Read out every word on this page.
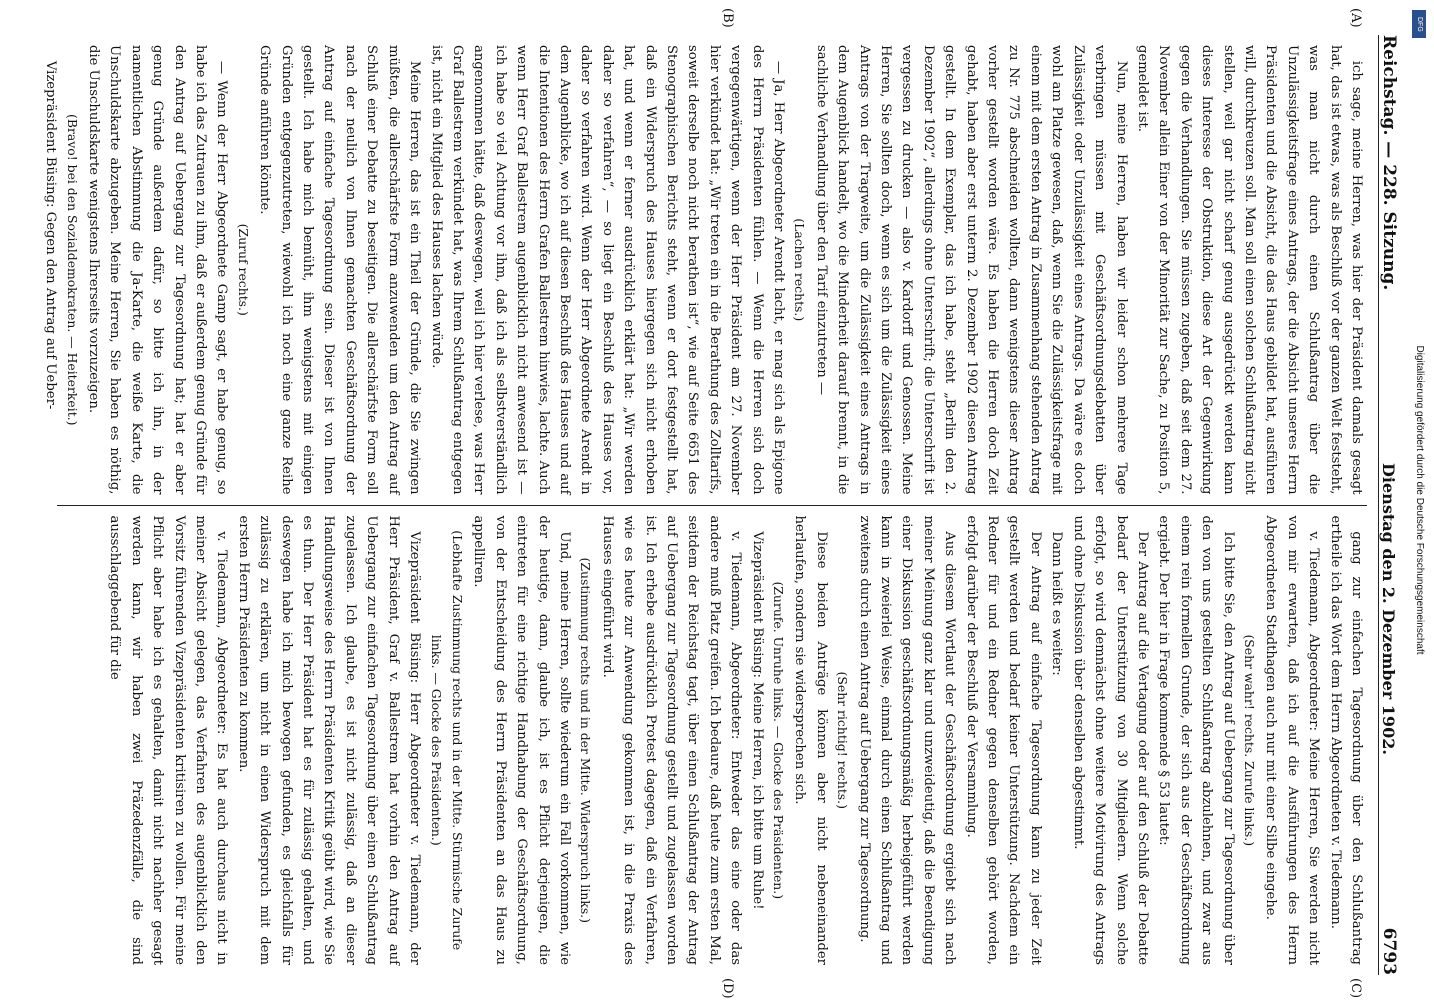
Reichstag. — 228. Sitzung.
Dienstag den 2. Dezember 1902.
6793
(A)
(B)
(C)
(D)

ich sage, meine Herren, was hier der Präsident damals gesagt hat, das ist etwas, was als Beschluß vor der ganzen Welt feststeht, was man nicht durch einen Schlußantrag über die Unzulässigkeitsfrage eines Antrags, der die Absicht unseres Herrn Präsidenten und die Absicht, die das Haus gebildet hat, ausführen will, durchkreuzen soll. Man soll einen solchen Schlußantrag nicht stellen, weil gar nicht scharf genug ausgedrückt werden kann dieses Interesse der Obstruktion, diese Art der Gegenwirkung gegen die Verhandlungen. Sie müssen zugeben, daß seit dem 27. November allein Einer von der Minorität zur Sache, zu Position 5, gemeldet ist.

Nun, meine Herren, haben wir leider schon mehrere Tage verbringen müssen mit Geschäftsordnungsdebatten über Zulässigkeit oder Unzulässigkeit eines Antrags. Da wäre es doch wohl am Platze gewesen, daß, wenn Sie die Zulässigkeitsfrage mit einem mit dem ersten Antrag in Zusammenhang stehenden Antrag zu Nr. 775 abschneiden wollten, dann wenigstens dieser Antrag vorher gestellt worden wäre. Es haben die Herren doch Zeit gehabt, haben aber erst unterm 2. Dezember 1902 diesen Antrag gestellt. In dem Exemplar, das ich habe, steht „Berlin den 2. Dezember 1902“, allerdings ohne Unterschrift; die Unterschrift ist vergessen zu drucken — also v. Kardorff und Genossen. Meine Herren, Sie sollten doch, wenn es sich um die Zulässigkeit eines Antrags von der Tragweite, um die Zulässigkeit eines Antrags in dem Augenblick handelt, wo die Minderheit darauf brennt, in die sachliche Verhandlung über den Tarif einzutreten —

(Lachen rechts.)

— Ja, Herr Abgeordneter Arendt lacht, er mag sich als Epigone des Herrn Präsidenten fühlen. — Wenn die Herren sich doch vergegenwärtigen, wenn der Herr Präsident am 27. November hier verkündet hat: „Wir treten ein in die Berathung des Zolltarifs, soweit derselbe noch nicht berathen ist“, wie auf Seite 6651 des Stenographischen Berichts steht, wenn er dort festgestellt hat, daß ein Widerspruch des Hauses hiergegen sich nicht erhoben hat, und wenn er ferner ausdrücklich erklärt hat: „Wir werden daher so verfahren“, — so liegt ein Beschluß des Hauses vor, daher so verfahren wird. Wenn der Herr Abgeordnete Arendt in dem Augenblicke, wo ich auf diesen Beschluß des Hauses und auf die Intentionen des Herrn Grafen Ballestrem hinwies, lachte. Auch wenn Herr Graf Ballestrem augenblicklich nicht anwesend ist — ich habe so viel Achtung vor ihm, daß ich als selbstverständlich angenommen hätte, daß deswegen, weil ich hier verlese, was Herr Graf Ballestrem verkündet hat, was Ihrem Schlußantrag entgegen ist, nicht ein Mitglied des Hauses lachen würde.

Meine Herren, das ist ein Theil der Gründe, die Sie zwingen müßten, die allerschärfste Form anzuwenden um den Antrag auf Schluß einer Debatte zu beseitigen. Die allerschärfste Form soll nach der neulich von Ihnen gemachten Geschäftsordnung der Antrag auf einfache Tagesordnung sein. Dieser ist von Ihnen gestellt. Ich habe mich bemüht, ihm wenigstens mit einigen Gründen entgegenzutreten, wiewohl ich noch eine ganze Reihe Gründe anführen könnte.

(Zuruf rechts.)

— Wenn der Herr Abgeordnete Gamp sagt, er habe genug, so habe ich das Zutrauen zu ihm, daß er außerdem genug Gründe für den Antrag auf Uebergang zur Tagesordnung hat; hat er aber genug Gründe außerdem dafür, so bitte ich ihn, in der namentlichen Abstimmung die Ja-Karte, die weiße Karte, die Unschuldskarte abzugeben. Meine Herren, Sie haben es nöthig, die Unschuldskarte wenigstens Ihrerseits vorzuzeigen.

(Bravo! bei den Sozialdemokraten. — Heiterkeit.)

Vizepräsident Büsing: Gegen den Antrag auf Ueber-

gang zur einfachen Tagesordnung über den Schlußantrag ertheile ich das Wort dem Herrn Abgeordneten v. Tiedemann.

v. Tiedemann, Abgeordneter: Meine Herren, Sie werden nicht von mir erwarten, daß ich auf die Ausführungen des Herrn Abgeordneten Stadthagen auch nur mit einer Silbe eingehe.

(Sehr wahr! rechts. Zurufe links.)

Ich bitte Sie, den Antrag auf Uebergang zur Tagesordnung über den von uns gestellten Schlußantrag abzulehnen, und zwar aus einem rein formellen Grunde, der sich aus der Geschäftsordnung ergiebt. Der hier in Frage kommende § 53 lautet:

Der Antrag auf die Vertagung oder auf den Schluß der Debatte bedarf der Unterstützung von 30 Mitgliedern. Wenn solche erfolgt, so wird demnächst ohne weitere Motivirung des Antrags und ohne Diskussion über denselben abgestimmt.

Dann heißt es weiter:

Der Antrag auf einfache Tagesordnung kann zu jeder Zeit gestellt werden und bedarf keiner Unterstützung. Nachdem ein Redner für und ein Redner gegen denselben gehört worden, erfolgt darüber der Beschluß der Versammlung.

Aus diesem Wortlaut der Geschäftsordnung ergiebt sich nach meiner Meinung ganz klar und unzweideutig, daß die Beendigung einer Diskussion geschäftsordnungsmäßig herbeigeführt werden kann in zweierlei Weise, einmal durch einen Schlußantrag und zweitens durch einen Antrag auf Uebergang zur Tagesordnung.

(Sehr richtig! rechts.)

Diese beiden Anträge können aber nicht nebeneinander herlaufen, sondern sie widersprechen sich.

(Zurufe. Unruhe links. — Glocke des Präsidenten.)

Vizepräsident Büsing: Meine Herren, ich bitte um Ruhe!

v. Tiedemann, Abgeordneter: Entweder das eine oder das andere muß Platz greifen. Ich bedaure, daß heute zum ersten Mal, seitdem der Reichstag tagt, über einen Schlußantrag der Antrag auf Uebergang zur Tagesordnung gestellt und zugelassen worden ist. Ich erhebe ausdrücklich Protest dagegen, daß ein Verfahren, wie es heute zur Anwendung gekommen ist, in die Praxis des Hauses eingeführt wird.

(Zustimmung rechts und in der Mitte. Widerspruch links.)

Und, meine Herren, sollte wiederum ein Fall vorkommen, wie der heutige, dann, glaube ich, ist es Pflicht derjenigen, die eintreten für eine richtige Handhabung der Geschäftsordnung, von der Entscheidung des Herrn Präsidenten an das Haus zu appelliren.

(Lebhafte Zustimmung rechts und in der Mitte. Stürmische Zurufe links. — Glocke des Präsidenten.)

Vizepräsident Büsing: Herr Abgeordneter v. Tiedemann, der Herr Präsident, Graf v. Ballestrem hat vorhin den Antrag auf Uebergang zur einfachen Tagesordnung über einen Schlußantrag zugelassen. Ich glaube, es ist nicht zulässig, daß an dieser Handlungsweise des Herrn Präsidenten Kritik geübt wird, wie Sie es thun. Der Herr Präsident hat es für zulässig gehalten, und deswegen habe ich mich bewogen gefunden, es gleichfalls für zulässig zu erklären, um nicht in einen Widerspruch mit dem ersten Herrn Präsidenten zu kommen.

v. Tiedemann, Abgeordneter: Es hat auch durchaus nicht in meiner Absicht gelegen, das Verfahren des augenblicklich den Vorsitz führenden Vizepräsidenten kritisiren zu wollen. Für meine Pflicht aber habe ich es gehalten, damit nicht nachher gesagt werden kann, wir haben zwei Präzedenzfälle, die sind ausschlaggebend für die

DFG
Digitalisierung gefördert durch die Deutsche Forschungsgemeinschaft
